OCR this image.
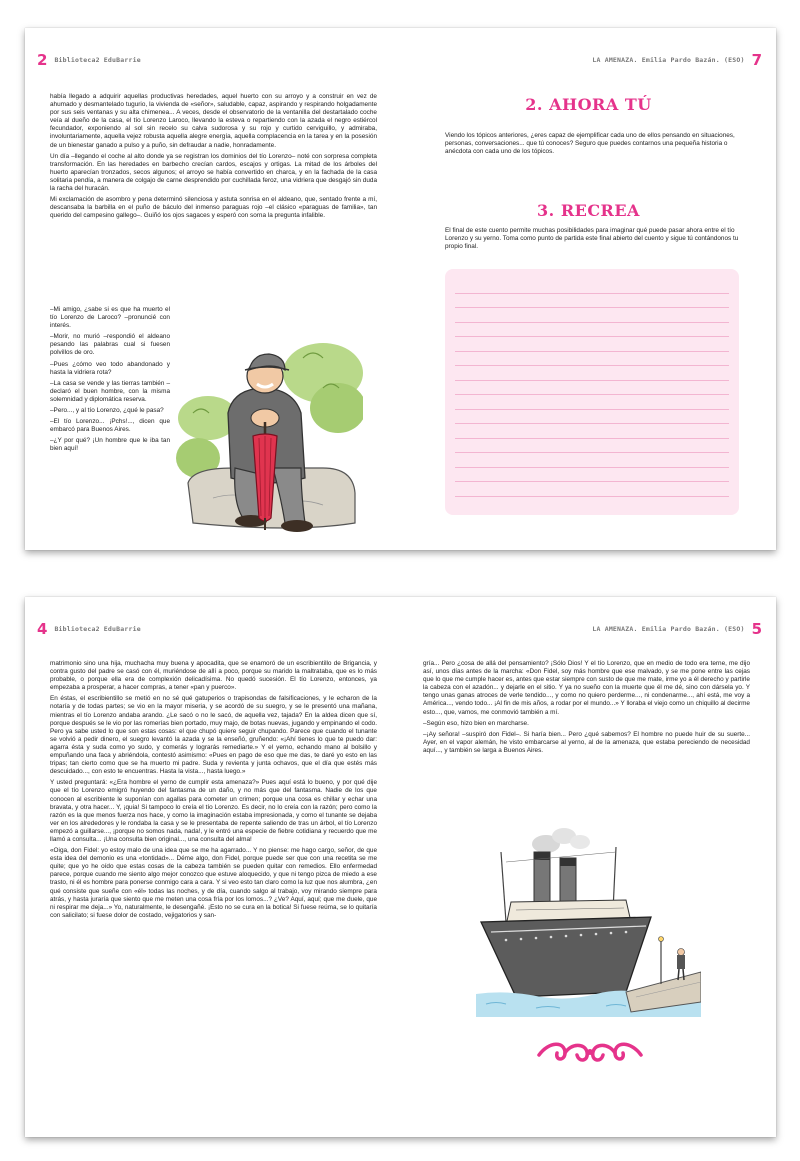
2 Biblioteca2 EduBarrie

había llegado a adquirir aquellas productivas heredades, aquel huerto con su arroyo y a construir en vez de ahumado y desmantelado tugurio, la vivienda de «señor», saludable, capaz, aspirando y respirando holgadamente por sus seis ventanas y su alta chimenea... A veces, desde el observatorio de la ventanilla del destartalado coche veía al dueño de la casa, el tío Lorenzo Laroco, llevando la esteva o repartiendo con la azada el negro estiércol fecundador, exponiendo al sol sin recelo su calva sudorosa y su rojo y curtido cerviguillo, y admiraba, involuntariamente, aquella vejez robusta aquella alegre energía, aquella complacencia en la tarea y en la posesión de un bienestar ganado a pulso y a puño, sin defraudar a nadie, honradamente.

Un día –llegando el coche al alto donde ya se registran los dominios del tío Lorenzo– noté con sorpresa completa transformación. En las heredades en barbecho crecían cardos, escajos y ortigas. La mitad de los árboles del huerto aparecían tronzados, secos algunos; el arroyo se había convertido en charca, y en la fachada de la casa solitaria pendía, a manera de colgajo de carne desprendido por cuchillada feroz, una vidriera que desgajó sin duda la racha del huracán.

Mi exclamación de asombro y pena determinó silenciosa y astuta sonrisa en el aldeano, que, sentado frente a mí, descansaba la barbilla en el puño de báculo del inmenso paraguas rojo –el clásico «paraguas de familia», tan querido del campesino gallego–. Guiñó los ojos sagaces y esperó con sorna la pregunta infalible.

–Mi amigo, ¿sabe si es que ha muerto el tío Lorenzo de Laroco? –pronuncié con interés.

–Morir, no murió –respondió el aldeano pesando las palabras cual si fuesen polvillos de oro.

–Pues ¿cómo veo todo abandonado y hasta la vidriera rota?

–La casa se vende y las tierras también –declaró el buen hombre, con la misma solemnidad y diplomática reserva.

–Pero..., y al tío Lorenzo, ¿qué le pasa?

–El tío Lorenzo... ¡Pchs!..., dicen que embarcó para Buenos Aires.

–¿Y por qué? ¡Un hombre que le iba tan bien aquí!

LA AMENAZA. Emilia Pardo Bazán. (ESO) 7
2. AHORA TÚ
Viendo los tópicos anteriores, ¿eres capaz de ejemplificar cada uno de ellos pensando en situaciones, personas, conversaciones... que tú conoces? Seguro que puedes contarnos una pequeña historia o anécdota con cada uno de los tópicos.
3. RECREA
El final de este cuento permite muchas posibilidades para imaginar qué puede pasar ahora entre el tío Lorenzo y su yerno. Toma como punto de partida este final abierto del cuento y sigue tú contándonos tu propio final.
4 Biblioteca2 EduBarrie

matrimonio sino una hija, muchacha muy buena y apocadita, que se enamoró de un escribientillo de Brigancia, y contra gusto del padre se casó con él, muriéndose de allí a poco, porque su marido la maltrataba, que es lo más probable, o porque ella era de complexión delicadísima. No quedó sucesión. El tío Lorenzo, entonces, ya empezaba a prosperar, a hacer compras, a tener «pan y puerco».

En éstas, el escribientillo se metió en no sé qué gatuperios o trapisondas de falsificaciones, y le echaron de la notaría y de todas partes; se vio en la mayor miseria, y se acordó de su suegro, y se le presentó una mañana, mientras el tío Lorenzo andaba arando. ¿Le sacó o no le sacó, de aquella vez, tajada? En la aldea dicen que sí, porque después se le vio por las romerías bien portado, muy majo, de botas nuevas, jugando y empinando el codo. Pero ya sabe usted lo que son estas cosas: el que chupó quiere seguir chupando. Parece que cuando el tunante se volvió a pedir dinero, el suegro levantó la azada y se la enseñó, gruñendo: «¡Ahí tienes lo que te puedo dar: agarra ésta y suda como yo sudo, y comerás y lograrás remediarte.» Y el yerno, echando mano al bolsillo y empuñando una faca y abriéndola, contestó asimismo: «Pues en pago de eso que me das, te daré yo esto en las tripas; tan cierto como que se ha muerto mi padre. Suda y revienta y junta ochavos, que el día que estés más descuidado..., con esto te encuentras. Hasta la vista..., hasta luego.»

Y usted preguntará: «¿Era hombre el yerno de cumplir esta amenaza?» Pues aquí está lo bueno, y por qué dije que el tío Lorenzo emigró huyendo del fantasma de un daño, y no más que del fantasma. Nadie de los que conocen al escribiente le suponían con agallas para cometer un crimen; porque una cosa es chillar y echar una bravata, y otra hacer... Y, ¡quia! Si tampoco lo creía el tío Lorenzo. Es decir, no lo creía con la razón; pero como la razón es la que menos fuerza nos hace, y como la imaginación estaba impresionada, y como el tunante se dejaba ver en los alrededores y le rondaba la casa y se le presentaba de repente saliendo de tras un árbol, el tío Lorenzo empezó a guillarse..., ¡porque no somos nada, nada!, y le entró una especie de fiebre cotidiana y recuerdo que me llamó a consulta... ¡Una consulta bien original..., una consulta del alma!

«Oiga, don Fidel: yo estoy malo de una idea que se me ha agarrado... Y no piense: me hago cargo, señor, de que esta idea del demonio es una «tontidad»... Déme algo, don Fidel, porque puede ser que con una recetita se me quite; que yo he oído que estas cosas de la cabeza también se pueden quitar con remedios. Ello enfermedad parece, porque cuando me siento algo mejor conozco que estuve aloquecido, y que ni tengo pizca de miedo a ese trasto, ni él es hombre para ponerse conmigo cara a cara. Y si veo esto tan claro como la luz que nos alumbra, ¿en qué consiste que sueñe con «él» todas las noches, y de día, cuando salgo al trabajo, voy mirando siempre para atrás, y hasta juraría que siento que me meten una cosa fría por los lomos...? ¿Ve? Aquí, aquí; que me duele, que ni respirar me deja...» Yo, naturalmente, le desengañé. ¡Esto no se cura en la botica! Si fuese reúma, se lo quitaría con salicilato; si fuese dolor de costado, vejigatorios y san-

LA AMENAZA. Emilia Pardo Bazán. (ESO) 5

gría... Pero ¿cosa de allá del pensamiento? ¡Sólo Dios! Y el tío Lorenzo, que en medio de todo era terne, me dijo así, unos días antes de la marcha: «Don Fidel, soy más hombre que ese malvado, y se me pone entre las cejas que lo que me cumple hacer es, antes que estar siempre con susto de que me mate, irme yo a él derecho y partirle la cabeza con el azadón... y dejarle en el sitio. Y ya no sueño con la muerte que él me dé, sino con dársela yo. Y tengo unas ganas atroces de verle tendido..., y como no quiero perderme..., ni condenarme..., ahí está, me voy a América..., vendo todo... ¡Al fin de mis años, a rodar por el mundo...» Y lloraba el viejo como un chiquillo al decirme esto..., que, vamos, me conmovió también a mí.

–Según eso, hizo bien en marcharse.

–¡Ay señora! –suspiró don Fidel–. Si haría bien... Pero ¿qué sabemos? El hombre no puede huir de su suerte... Ayer, en el vapor alemán, he visto embarcarse al yerno, al de la amenaza, que estaba pereciendo de necesidad aquí..., y también se larga a Buenos Aires.
